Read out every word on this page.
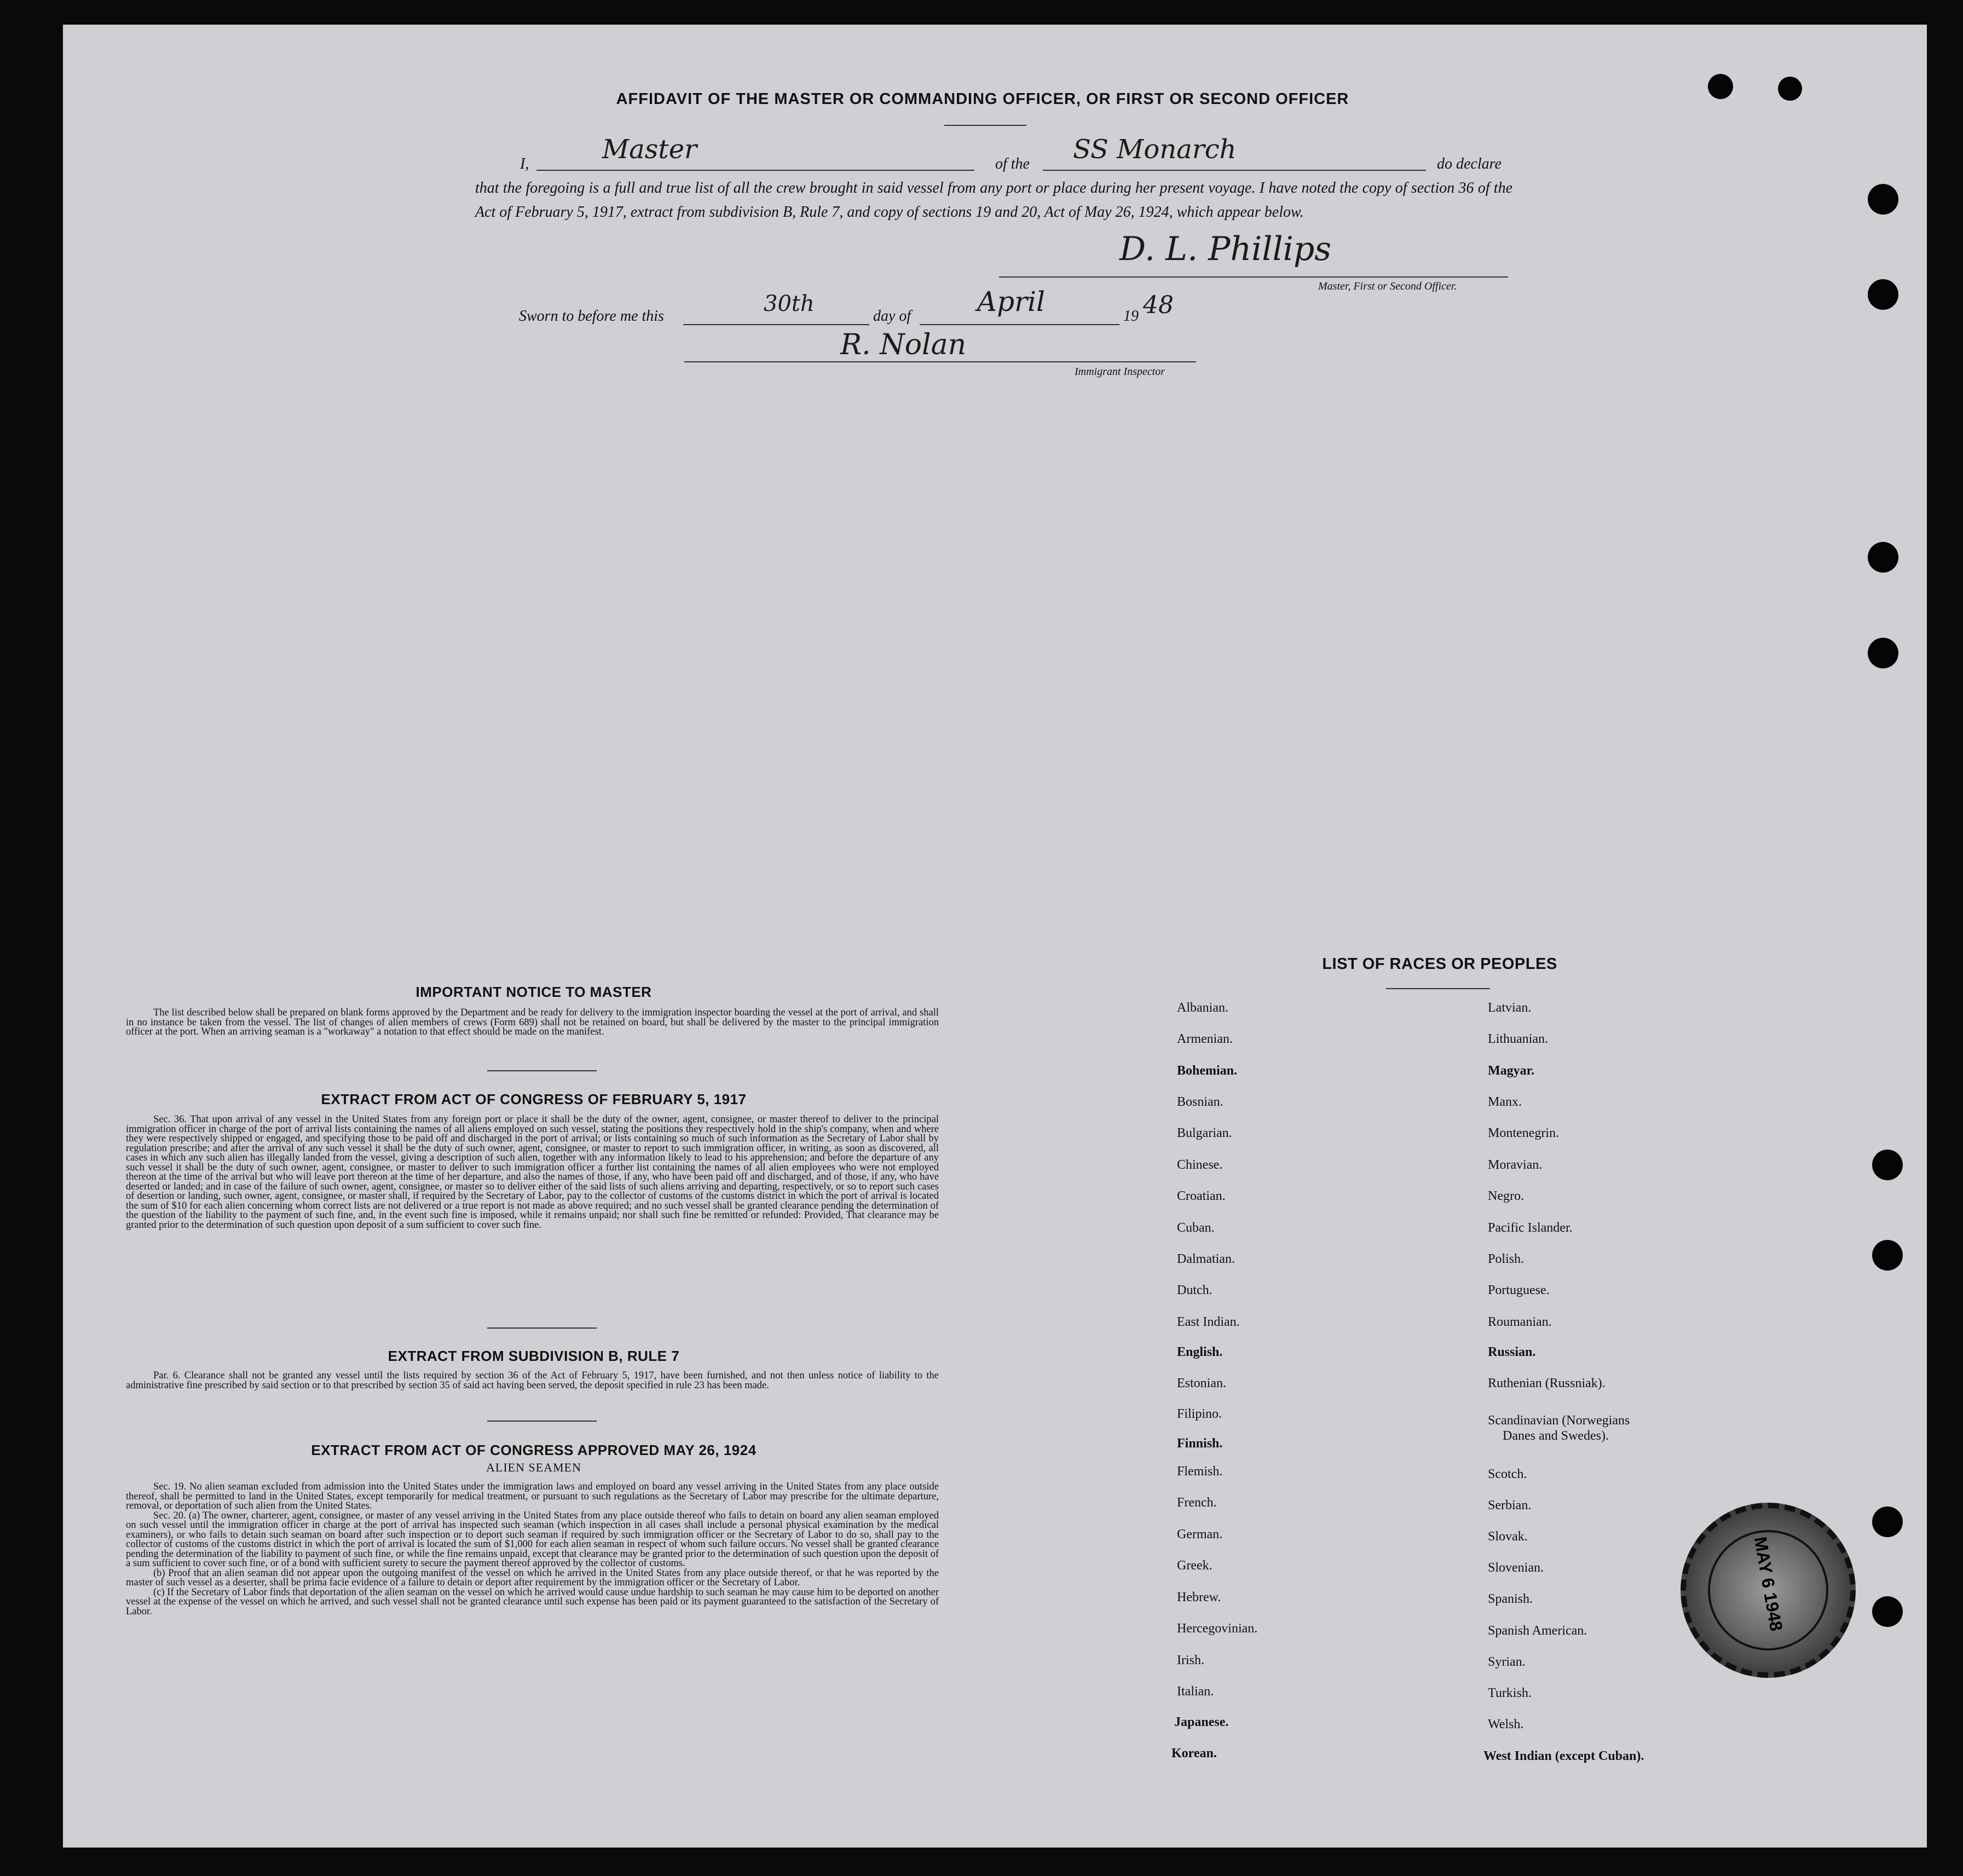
AFFIDAVIT OF THE MASTER OR COMMANDING OFFICER, OR FIRST OR SECOND OFFICER
I,	Master	of the SS Monarch	do declare
that the foregoing is a full and true list of all the crew brought in said vessel from any port or place during her present voyage. I have noted the copy of section 36 of the Act of February 5, 1917, extract from subdivision B, Rule 7, and copy of sections 19 and 20, Act of May 26, 1924, which appear below.
D. L. Phillips
Master, First or Second Officer.
Sworn to before me this	30th	day of April	19 48
R. Nolan
Immigrant Inspector
IMPORTANT NOTICE TO MASTER
The list described below shall be prepared on blank forms approved by the Department and be ready for delivery to the immigration inspector boarding the vessel at the port of arrival, and shall in no instance be taken from the vessel. The list of changes of alien members of crews (Form 689) shall not be retained on board, but shall be delivered by the master to the principal immigration officer at the port. When an arriving seaman is a "workaway" a notation to that effect should be made on the manifest.
EXTRACT FROM ACT OF CONGRESS OF FEBRUARY 5, 1917
Sec. 36. That upon arrival of any vessel in the United States from any foreign port or place it shall be the duty of the owner, agent, consignee, or master thereof to deliver to the principal immigration officer in charge of the port of arrival lists containing the names of all aliens employed on such vessel, stating the positions they respectively hold in the ship's company, when and where they were respectively shipped or engaged, and specifying those to be paid off and discharged in the port of arrival; or lists containing so much of such information as the Secretary of Labor shall by regulation prescribe; and after the arrival of any such vessel it shall be the duty of such owner, agent, consignee, or master to report to such immigration officer, in writing, as soon as discovered, all cases in which any such alien has illegally landed from the vessel, giving a description of such alien, together with any information likely to lead to his apprehension; and before the departure of any such vessel it shall be the duty of such owner, agent, consignee, or master to deliver to such immigration officer a further list containing the names of all alien employees who were not employed thereon at the time of the arrival but who will leave port thereon at the time of her departure, and also the names of those, if any, who have been paid off and discharged, and of those, if any, who have deserted or landed; and in case of the failure of such owner, agent, consignee, or master so to deliver either of the said lists of such aliens arriving and departing, respectively, or so to report such cases of desertion or landing, such owner, agent, consignee, or master shall, if required by the Secretary of Labor, pay to the collector of customs of the customs district in which the port of arrival is located the sum of $10 for each alien concerning whom correct lists are not delivered or a true report is not made as above required; and no such vessel shall be granted clearance pending the determination of the question of the liability to the payment of such fine, and, in the event such fine is imposed, while it remains unpaid; nor shall such fine be remitted or refunded: Provided, That clearance may be granted prior to the determination of such question upon deposit of a sum sufficient to cover such fine.
EXTRACT FROM SUBDIVISION B, RULE 7
Par. 6. Clearance shall not be granted any vessel until the lists required by section 36 of the Act of February 5, 1917, have been furnished, and not then unless notice of liability to the administrative fine prescribed by said section or to that prescribed by section 35 of said act having been served, the deposit specified in rule 23 has been made.
EXTRACT FROM ACT OF CONGRESS APPROVED MAY 26, 1924
ALIEN SEAMEN

Sec. 19. No alien seaman excluded from admission into the United States under the immigration laws and employed on board any vessel arriving in the United States from any place outside thereof, shall be permitted to land in the United States, except temporarily for medical treatment, or pursuant to such regulations as the Secretary of Labor may prescribe for the ultimate departure, removal, or deportation of such alien from the United States.

Sec. 20. (a) The owner, charterer, agent, consignee, or master of any vessel arriving in the United States from any place outside thereof who fails to detain on board any alien seaman employed on such vessel until the immigration officer in charge at the port of arrival has inspected such seaman (which inspection in all cases shall include a personal physical examination by the medical examiners), or who fails to detain such seaman on board after such inspection or to deport such seaman if required by such immigration officer or the Secretary of Labor to do so, shall pay to the collector of customs of the customs district in which the port of arrival is located the sum of $1,000 for each alien seaman in respect of whom such failure occurs. No vessel shall be granted clearance pending the determination of the liability to payment of such fine, or while the fine remains unpaid, except that clearance may be granted prior to the determination of such question upon the deposit of a sum sufficient to cover such fine, or of a bond with sufficient surety to secure the payment thereof approved by the collector of customs.

(b) Proof that an alien seaman did not appear upon the outgoing manifest of the vessel on which he arrived in the United States from any place outside thereof, or that he was reported by the master of such vessel as a deserter, shall be prima facie evidence of a failure to detain or deport after requirement by the immigration officer or the Secretary of Labor.

(c) If the Secretary of Labor finds that deportation of the alien seaman on the vessel on which he arrived would cause undue hardship to such seaman he may cause him to be deported on another vessel at the expense of the vessel on which he arrived, and such vessel shall not be granted clearance until such expense has been paid or its payment guaranteed to the satisfaction of the Secretary of Labor.

LIST OF RACES OR PEOPLES
Albanian.
Armenian.
Bohemian.
Bosnian.
Bulgarian.
Chinese.
Croatian.
Cuban.
Dalmatian.
Dutch.
East Indian.
English.
Estonian.
Filipino.
Finnish.
Flemish.
French.
German.
Greek.
Hebrew.
Hercegovinian.
Irish.
Italian.
Japanese.
Korean.
Latvian.
Lithuanian.
Magyar.
Manx.
Montenegrin.
Moravian.
Negro.
Pacific Islander.
Polish.
Portuguese.
Roumanian.
Russian.
Ruthenian (Russniak).
Scandinavian (Norwegians
Danes and Swedes).
Scotch.
Serbian.
Slovak.
Slovenian.
Spanish.
Spanish American.
Syrian.
Turkish.
Welsh.
West Indian (except Cuban).
MAY 6 1948
